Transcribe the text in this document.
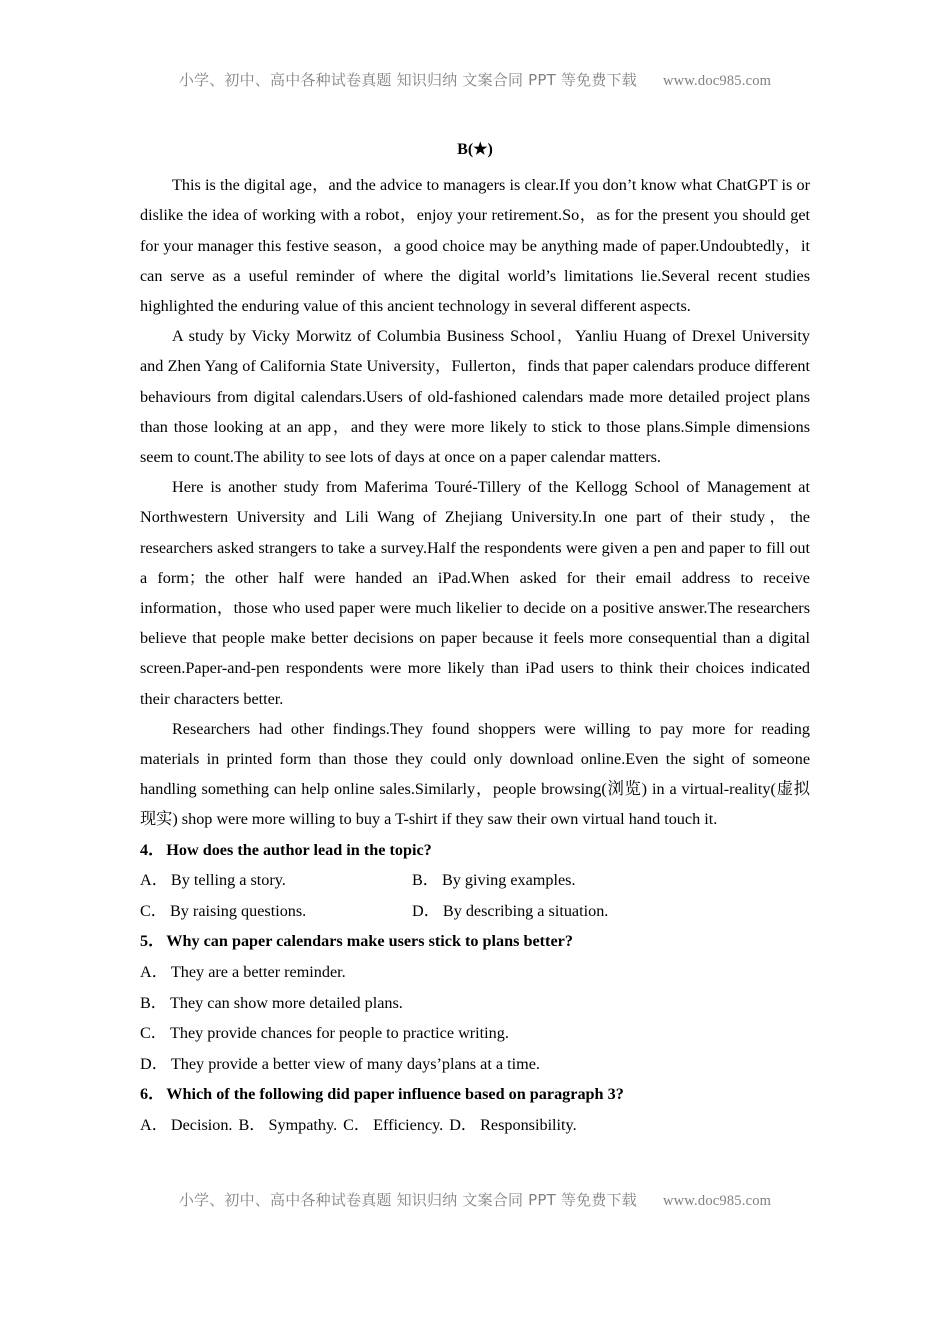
小学、初中、高中各种试卷真题 知识归纳 文案合同 PPT 等免费下载 www.doc985.com
B(★)

This is the digital age，and the advice to managers is clear.If you don’t know what ChatGPT is or dislike the idea of working with a robot，enjoy your retirement.So，as for the present you should get for your manager this festive season，a good choice may be anything made of paper.Undoubtedly，it can serve as a useful reminder of where the digital world’s limitations lie.Several recent studies highlighted the enduring value of this ancient technology in several different aspects.

A study by Vicky Morwitz of Columbia Business School，Yanliu Huang of Drexel University and Zhen Yang of California State University，Fullerton，finds that paper calendars produce different behaviours from digital calendars.Users of old-fashioned calendars made more detailed project plans than those looking at an app，and they were more likely to stick to those plans.Simple dimensions seem to count.The ability to see lots of days at once on a paper calendar matters.

Here is another study from Maferima Touré-Tillery of the Kellogg School of Management at Northwestern University and Lili Wang of Zhejiang University.In one part of their study，the researchers asked strangers to take a survey.Half the respondents were given a pen and paper to fill out a form；the other half were handed an iPad.When asked for their email address to receive information，those who used paper were much likelier to decide on a positive answer.The researchers believe that people make better decisions on paper because it feels more consequential than a digital screen.Paper-and-pen respondents were more likely than iPad users to think their choices indicated their characters better.

Researchers had other findings.They found shoppers were willing to pay more for reading materials in printed form than those they could only download online.Even the sight of someone handling something can help online sales.Similarly，people browsing(浏览) in a virtual-reality(虚拟现实) shop were more willing to buy a T-shirt if they saw their own virtual hand touch it.

4． How does the author lead in the topic?
A． By telling a story.	B． By giving examples.
C． By raising questions.	D． By describing a situation.
5． Why can paper calendars make users stick to plans better?
A． They are a better reminder.
B． They can show more detailed plans.
C． They provide chances for people to practice writing.
D． They provide a better view of many days’plans at a time.
6． Which of the following did paper influence based on paragraph 3?
A． Decision. B． Sympathy. C． Efficiency. D． Responsibility.
小学、初中、高中各种试卷真题 知识归纳 文案合同 PPT 等免费下载 www.doc985.com
